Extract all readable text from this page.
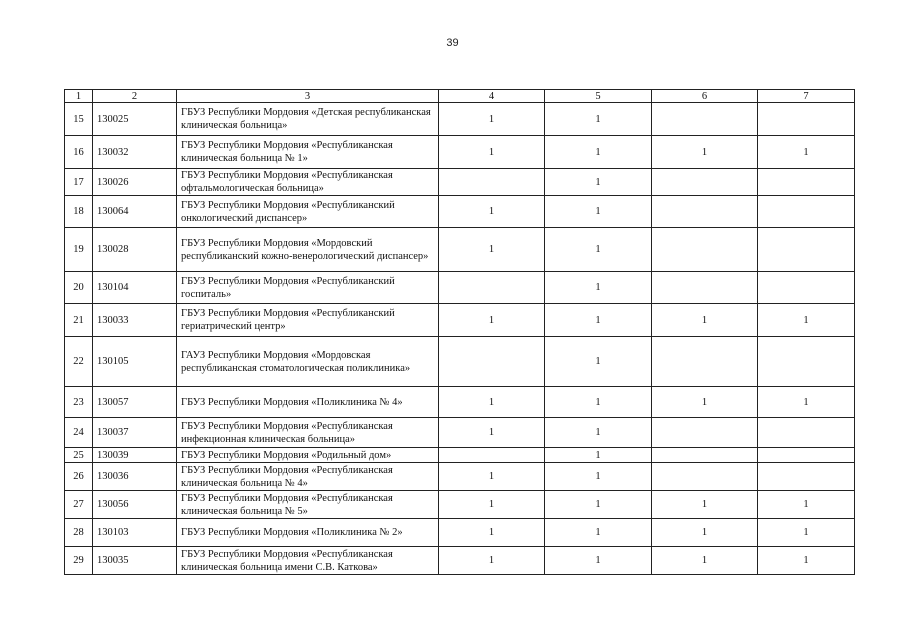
39
1	2	3	4	5	6	7
15	130025	ГБУЗ Республики Мордовия «Детская республиканская клиническая больница»	1	1		
16	130032	ГБУЗ Республики Мордовия «Республиканская клиническая больница № 1»	1	1	1	1
17	130026	ГБУЗ Республики Мордовия «Республиканская офтальмологическая больница»		1		
18	130064	ГБУЗ Республики Мордовия «Республиканский онкологический диспансер»	1	1		
19	130028	ГБУЗ Республики Мордовия «Мордовский республиканский кожно-венерологический диспансер»	1	1		
20	130104	ГБУЗ Республики Мордовия «Республиканский госпиталь»		1		
21	130033	ГБУЗ Республики Мордовия «Республиканский гериатрический центр»	1	1	1	1
22	130105	ГАУЗ Республики Мордовия «Мордовская республиканская стоматологическая поликлиника»		1		
23	130057	ГБУЗ Республики Мордовия «Поликлиника № 4»	1	1	1	1
24	130037	ГБУЗ Республики Мордовия «Республиканская инфекционная клиническая больница»	1	1		
25	130039	ГБУЗ Республики Мордовия «Родильный дом»		1		
26	130036	ГБУЗ Республики Мордовия «Республиканская клиническая больница № 4»	1	1		
27	130056	ГБУЗ Республики Мордовия «Республиканская клиническая больница № 5»	1	1	1	1
28	130103	ГБУЗ Республики Мордовия «Поликлиника № 2»	1	1	1	1
29	130035	ГБУЗ Республики Мордовия «Республиканская клиническая больница имени С.В. Каткова»	1	1	1	1
